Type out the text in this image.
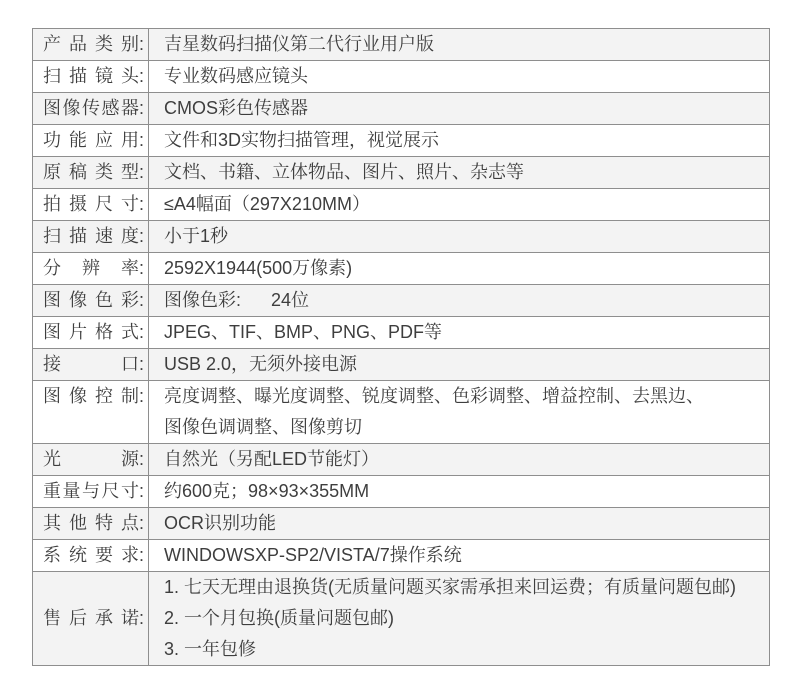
产品类别 :	吉星数码扫描仪第二代行业用户版

扫描镜头 :	专业数码感应镜头

图像传感器 :	CMOS彩色传感器

功能应用 :	文件和3D实物扫描管理，视觉展示

原稿类型 :	文档、书籍、立体物品、图片、照片、杂志等

拍摄尺寸 :	≤A4幅面（297X210MM）

扫描速度 :	小于1秒

分辨率 :	2592X1944(500万像素)

图像色彩 :	图像色彩:      24位

图片格式 :	JPEG、TIF、BMP、PNG、PDF等

接口 :	USB 2.0，无须外接电源

图像控制 :	亮度调整、曝光度调整、锐度调整、色彩调整、增益控制、去黑边、
图像色调调整、图像剪切

光源 :	自然光（另配LED节能灯）

重量与尺寸 :	约600克；98×93×355MM

其他特点 :	OCR识别功能

系统要求 :	WINDOWSXP-SP2/VISTA/7操作系统

售后承诺 :

1. 七天无理由退换货(无质量问题买家需承担来回运费；有质量问题包邮)
2. 一个月包换(质量问题包邮)
3. 一年包修
